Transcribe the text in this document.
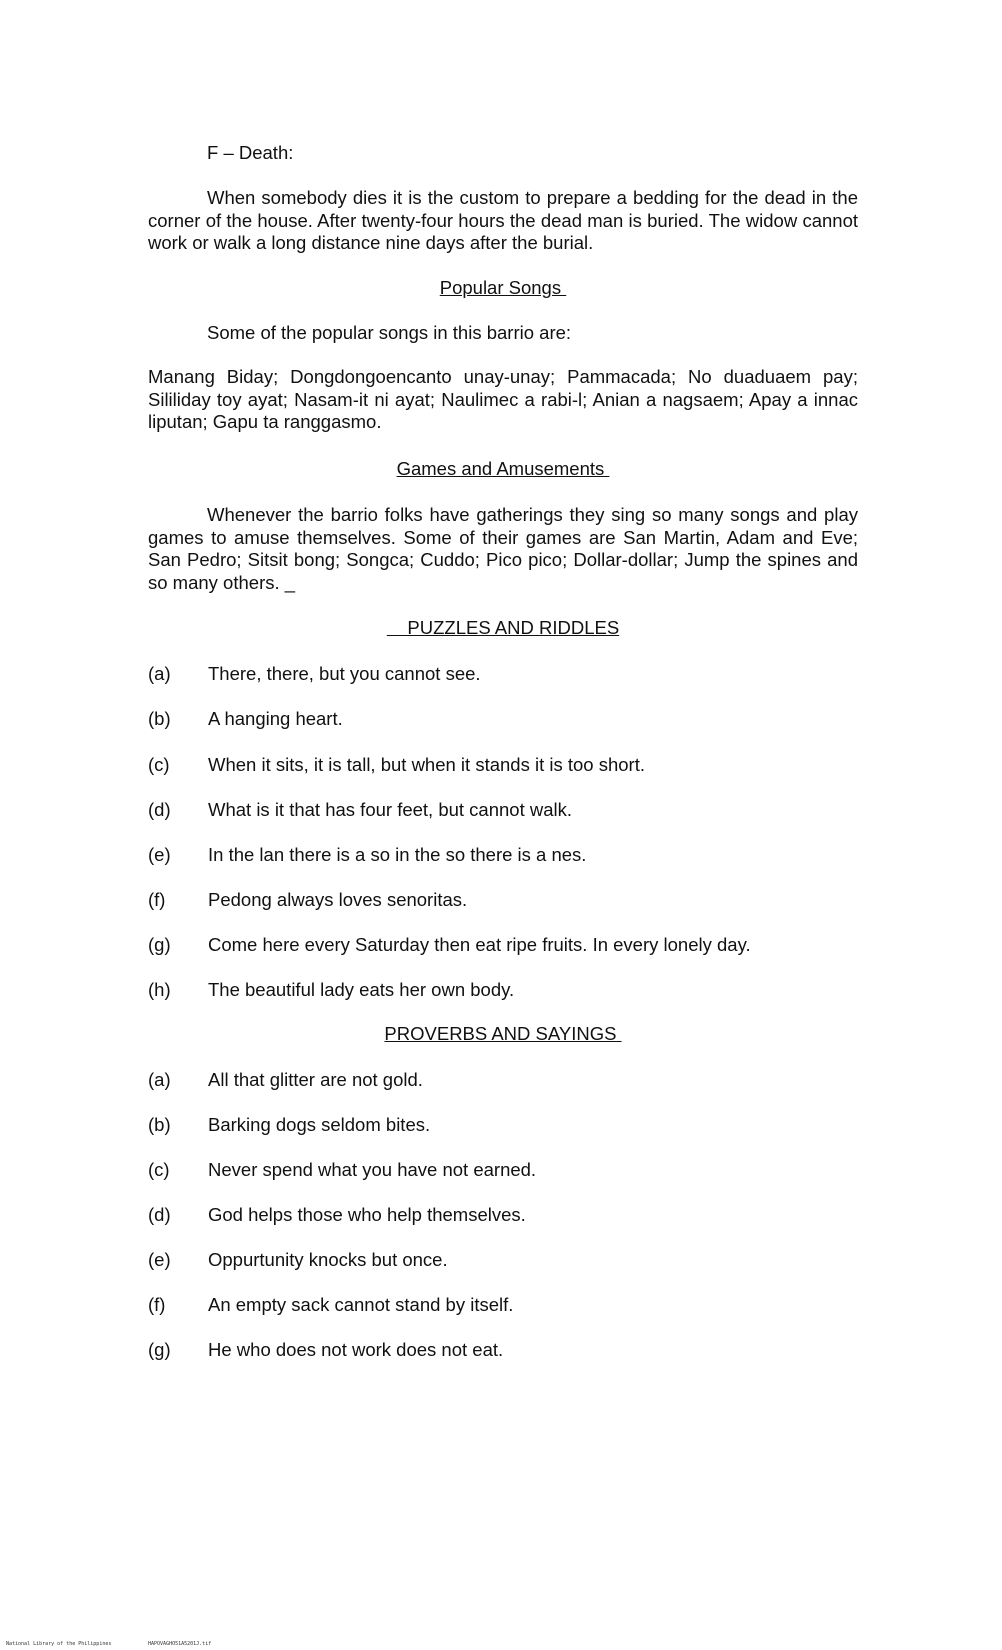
F – Death:

When somebody dies it is the custom to prepare a bedding for the dead in the corner of the house. After twenty-four hours the dead man is buried. The widow cannot work or walk a long distance nine days after the burial.

Popular Songs

Some of the popular songs in this barrio are:

Manang Biday; Dongdongoencanto unay-unay; Pammacada; No duaduaem pay; Sililiday toy ayat; Nasam-it ni ayat; Naulimec a rabi-l; Anian a nagsaem; Apay a innac liputan; Gapu ta ranggasmo.

Games and Amusements

Whenever the barrio folks have gatherings they sing so many songs and play games to amuse themselves. Some of their games are San Martin, Adam and Eve; San Pedro; Sitsit bong; Songca; Cuddo; Pico pico; Dollar-dollar; Jump the spines and so many others. _

PUZZLES AND RIDDLES

(a) There, there, but you cannot see.
(b) A hanging heart.
(c) When it sits, it is tall, but when it stands it is too short.
(d) What is it that has four feet, but cannot walk.
(e) In the lan there is a so in the so there is a nes.
(f) Pedong always loves senoritas.
(g) Come here every Saturday then eat ripe fruits. In every lonely day.
(h) The beautiful lady eats her own body.

PROVERBS AND SAYINGS

(a) All that glitter are not gold.
(b) Barking dogs seldom bites.
(c) Never spend what you have not earned.
(d) God helps those who help themselves.
(e) Oppurtunity knocks but once.
(f) An empty sack cannot stand by itself.
(g) He who does not work does not eat.
National Library of the Philippines	HAPOVAGHO51A5201J.tif
